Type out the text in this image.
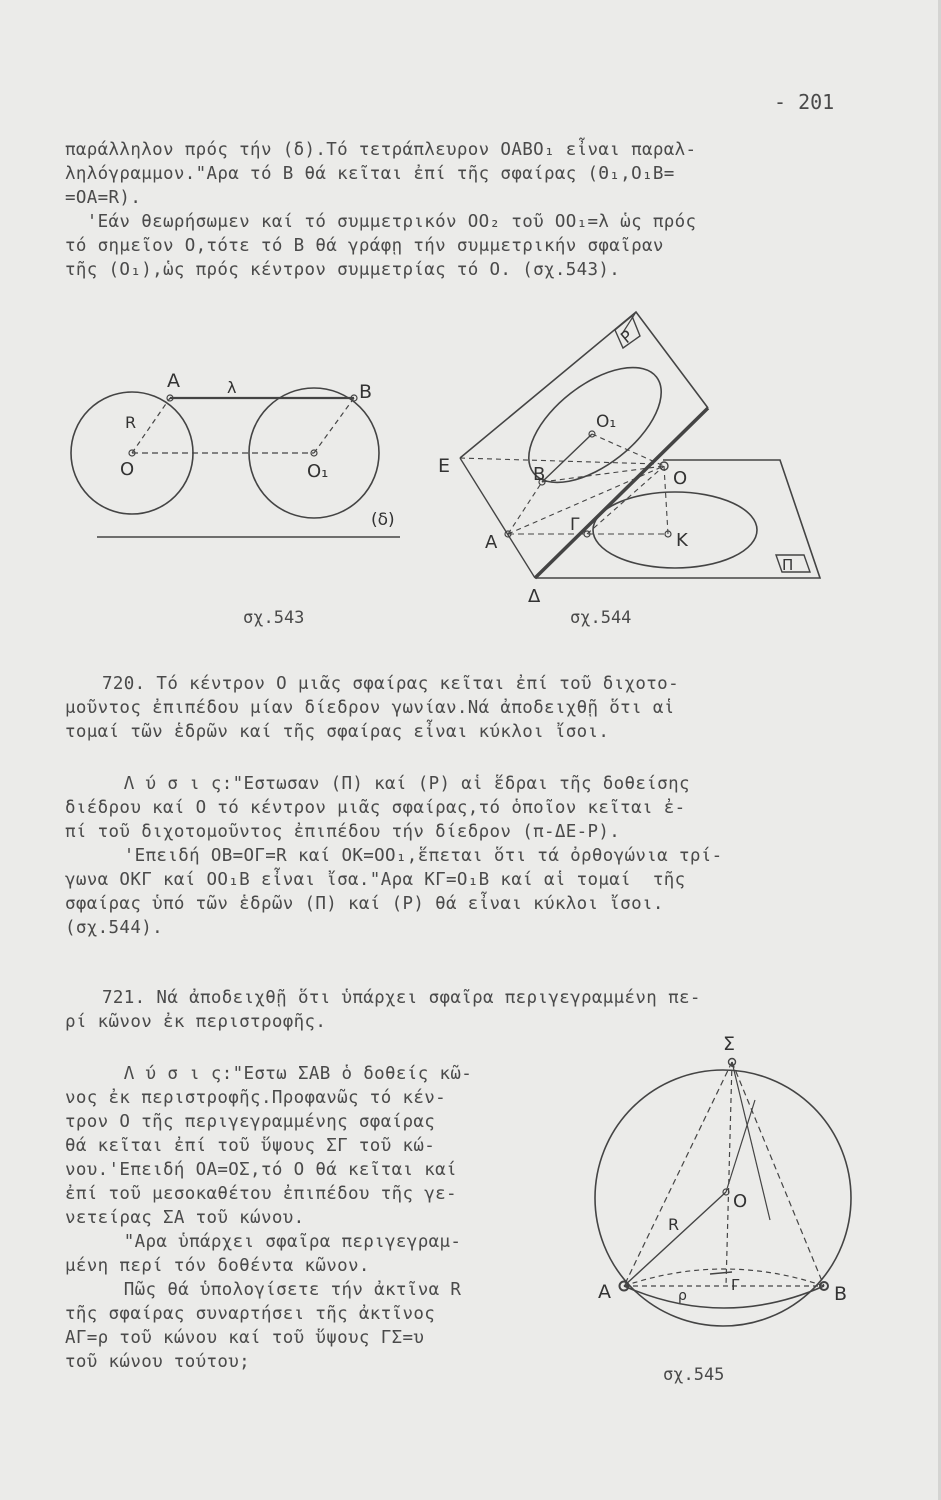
- 201
παράλληλον πρός τήν (δ).Τό τετράπλευρον ΟΑΒΟ₁ εἶναι παραλ-
ληλόγραμμον."Αρα τό Β θά κεῖται ἐπί τῆς σφαίρας (Θ₁,Ο₁Β=
=ΟΑ=R).
'Εάν θεωρήσωμεν καί τό συμμετρικόν ΟΟ₂ τοῦ ΟΟ₁=λ ὡς πρός
τό σημεῖον Ο,τότε τό Β θά γράφῃ τήν συμμετρικήν σφαῖραν
τῆς (Ο₁),ὡς πρός κέντρον συμμετρίας τό Ο. (σχ.543).
A	B
R
O	O₁
λ
(δ)
σχ.543
P
Π
O₁
E	B	O
A
Γ
K
Δ
σχ.544
720. Τό κέντρον Ο μιᾶς σφαίρας κεῖται ἐπί τοῦ διχοτο-
μοῦντος ἐπιπέδου μίαν δίεδρον γωνίαν.Νά ἀποδειχθῇ ὅτι αἱ
τομαί τῶν ἑδρῶν καί τῆς σφαίρας εἶναι κύκλοι ἴσοι.
Λ ύ σ ι ς:"Εστωσαν (Π) καί (Ρ) αἱ ἕδραι τῆς δοθείσης
διέδρου καί Ο τό κέντρον μιᾶς σφαίρας,τό ὁποῖον κεῖται ἐ-
πί τοῦ διχοτομοῦντος ἐπιπέδου τήν δίεδρον (π-ΔΕ-Ρ).
'Επειδή ΟΒ=ΟΓ=R καί ΟΚ=ΟΟ₁,ἕπεται ὅτι τά ὀρθογώνια τρί-
γωνα ΟΚΓ καί ΟΟ₁Β εἶναι ἴσα."Αρα ΚΓ=Ο₁Β καί αἱ τομαί  τῆς
σφαίρας ὑπό τῶν ἑδρῶν (Π) καί (Ρ) θά εἶναι κύκλοι ἴσοι.
(σχ.544).
721. Νά ἀποδειχθῇ ὅτι ὑπάρχει σφαῖρα περιγεγραμμένη πε-
ρί κῶνον ἐκ περιστροφῆς.
Λ ύ σ ι ς:"Εστω ΣΑΒ ὁ δοθείς κῶ-
νος ἐκ περιστροφῆς.Προφανῶς τό κέν-
τρον Ο τῆς περιγεγραμμένης σφαίρας
θά κεῖται ἐπί τοῦ ὕψους ΣΓ τοῦ κώ-
νου.'Επειδή ΟΑ=ΟΣ,τό Ο θά κεῖται καί
ἐπί τοῦ μεσοκαθέτου ἐπιπέδου τῆς γε-
νετείρας ΣΑ τοῦ κώνου.
"Αρα ὑπάρχει σφαῖρα περιγεγραμ-
μένη περί τόν δοθέντα κῶνον.
Πῶς θά ὑπολογίσετε τήν ἀκτῖνα R
τῆς σφαίρας συναρτήσει τῆς ἀκτῖνος
ΑΓ=ρ τοῦ κώνου καί τοῦ ὕψους ΓΣ=υ
τοῦ κώνου τούτου;
Σ
O
R
A	B
Γ
ρ
σχ.545
